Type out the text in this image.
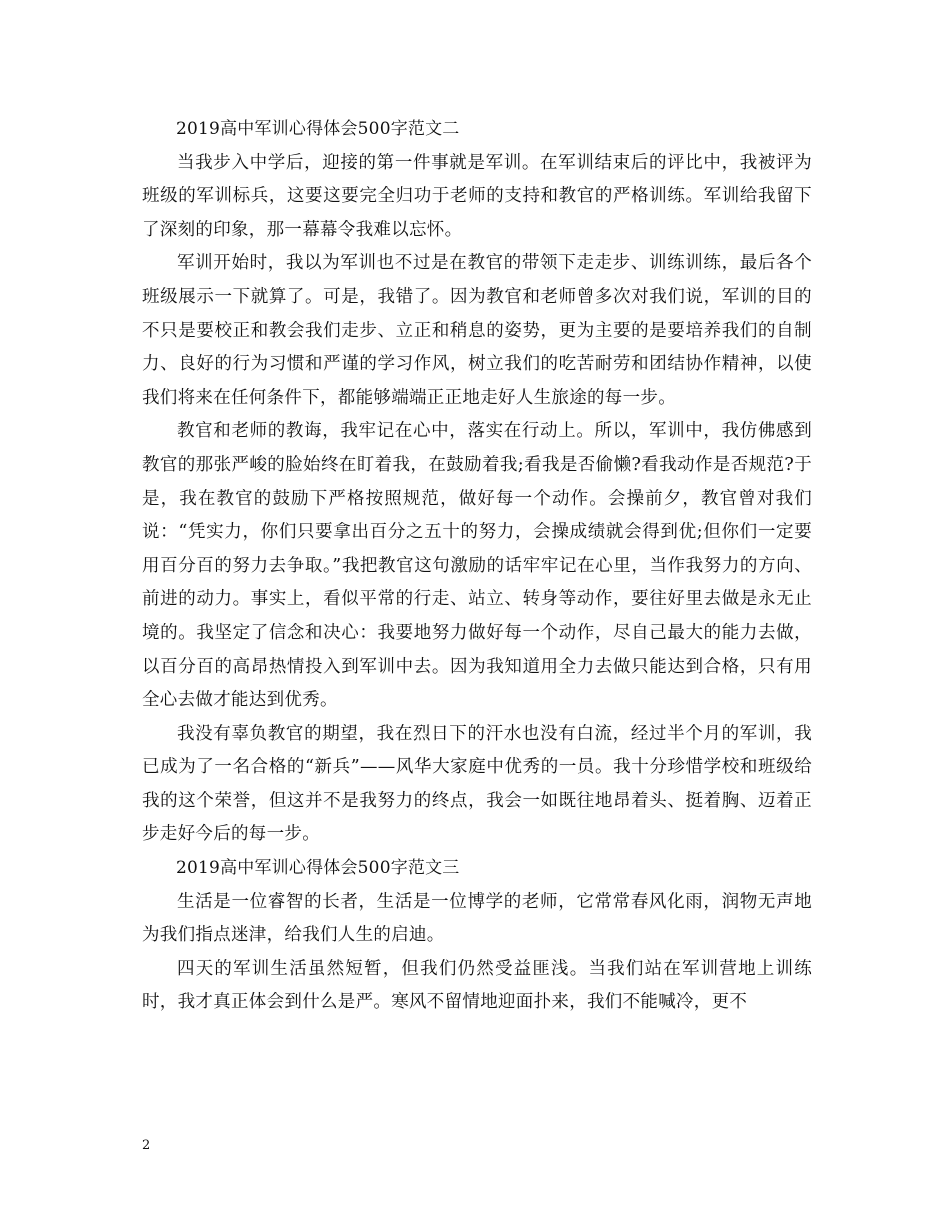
2019高中军训心得体会500字范文二

当我步入中学后，迎接的第一件事就是军训。在军训结束后的评比中，我被评为班级的军训标兵，这要这要完全归功于老师的支持和教官的严格训练。军训给我留下了深刻的印象，那一幕幕令我难以忘怀。

军训开始时，我以为军训也不过是在教官的带领下走走步、训练训练，最后各个班级展示一下就算了。可是，我错了。因为教官和老师曾多次对我们说，军训的目的不只是要校正和教会我们走步、立正和稍息的姿势，更为主要的是要培养我们的自制力、良好的行为习惯和严谨的学习作风，树立我们的吃苦耐劳和团结协作精神，以使我们将来在任何条件下，都能够端端正正地走好人生旅途的每一步。

教官和老师的教诲，我牢记在心中，落实在行动上。所以，军训中，我仿佛感到教官的那张严峻的脸始终在盯着我，在鼓励着我;看我是否偷懒?看我动作是否规范?于是，我在教官的鼓励下严格按照规范，做好每一个动作。会操前夕，教官曾对我们说：“凭实力，你们只要拿出百分之五十的努力，会操成绩就会得到优;但你们一定要用百分百的努力去争取。”我把教官这句激励的话牢牢记在心里，当作我努力的方向、前进的动力。事实上，看似平常的行走、站立、转身等动作，要往好里去做是永无止境的。我坚定了信念和决心：我要地努力做好每一个动作，尽自己最大的能力去做，以百分百的高昂热情投入到军训中去。因为我知道用全力去做只能达到合格，只有用全心去做才能达到优秀。

我没有辜负教官的期望，我在烈日下的汗水也没有白流，经过半个月的军训，我已成为了一名合格的“新兵”——风华大家庭中优秀的一员。我十分珍惜学校和班级给我的这个荣誉，但这并不是我努力的终点，我会一如既往地昂着头、挺着胸、迈着正步走好今后的每一步。

2019高中军训心得体会500字范文三

生活是一位睿智的长者，生活是一位博学的老师，它常常春风化雨，润物无声地为我们指点迷津，给我们人生的启迪。

四天的军训生活虽然短暂，但我们仍然受益匪浅。当我们站在军训营地上训练时，我才真正体会到什么是严。寒风不留情地迎面扑来，我们不能喊冷，更不

2
